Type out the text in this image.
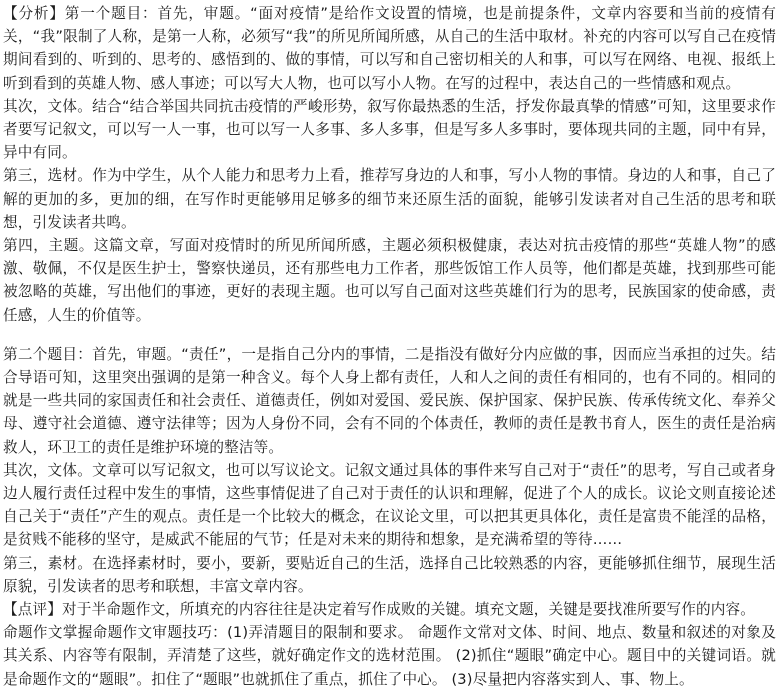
【分析】第一个题目：首先，审题。“面对疫情”是给作文设置的情境，也是前提条件，文章内容要和当前的疫情有关，“我”限制了人称，是第一人称，必须写“我”的所见所闻所感，从自己的生活中取材。补充的内容可以写自己在疫情期间看到的、听到的、思考的、感悟到的、做的事情，可以写和自己密切相关的人和事，可以写在网络、电视、报纸上听到看到的英雄人物、感人事迹；可以写大人物，也可以写小人物。在写的过程中，表达自己的一些情感和观点。

其次，文体。结合“结合举国共同抗击疫情的严峻形势，叙写你最热悉的生活，抒发你最真挚的情感”可知，这里要求作者要写记叙文，可以写一人一事，也可以写一人多事、多人多事，但是写多人多事时，要体现共同的主题，同中有异，异中有同。

第三，选材。作为中学生，从个人能力和思考力上看，推荐写身边的人和事，写小人物的事情。身边的人和事，自己了解的更加的多，更加的细，在写作时更能够用足够多的细节来还原生活的面貌，能够引发读者对自己生活的思考和联想，引发读者共鸣。

第四，主题。这篇文章，写面对疫情时的所见所闻所感，主题必须积极健康，表达对抗击疫情的那些“英雄人物”的感激、敬佩，不仅是医生护士，警察快递员，还有那些电力工作者，那些饭馆工作人员等，他们都是英雄，找到那些可能被忽略的英雄，写出他们的事迹，更好的表现主题。也可以写自己面对这些英雄们行为的思考，民族国家的使命感，责任感，人生的价值等。

第二个题目：首先，审题。“责任”，一是指自己分内的事情，二是指没有做好分内应做的事，因而应当承担的过失。结合导语可知，这里突出强调的是第一种含义。每个人身上都有责任，人和人之间的责任有相同的，也有不同的。相同的就是一些共同的家国责任和社会责任、道德责任，例如对爱国、爱民族、保护国家、保护民族、传承传统文化、奉养父母、遵守社会道德、遵守法律等；因为人身份不同，会有不同的个体责任，教师的责任是教书育人，医生的责任是治病救人，环卫工的责任是维护环境的整洁等。

其次，文体。文章可以写记叙文，也可以写议论文。记叙文通过具体的事件来写自己对于“责任”的思考，写自己或者身边人履行责任过程中发生的事情，这些事情促进了自己对于责任的认识和理解，促进了个人的成长。议论文则直接论述自己关于“责任”产生的观点。责任是一个比较大的概念，在议论文里，可以把其更具体化，责任是富贵不能淫的品格，是贫贱不能移的坚守，是威武不能屈的气节；任是对未来的期待和想象，是充满希望的等待……

第三，素材。在选择素材时，要小，要新，要贴近自己的生活，选择自己比较熟悉的内容，更能够抓住细节，展现生活原貌，引发读者的思考和联想，丰富文章内容。

【点评】对于半命题作文，所填充的内容往往是决定着写作成败的关键。填充文题，关键是要找准所要写作的内容。

命题作文掌握命题作文审题技巧：(1)弄清题目的限制和要求。 命题作文常对文体、时间、地点、数量和叙述的对象及其关系、内容等有限制，弄清楚了这些，就好确定作文的选材范围。 (2)抓住“题眼”确定中心。题目中的关键词语。就是命题作文的“题眼”。扣住了“题眼”也就抓住了重点，抓住了中心。 (3)尽量把内容落实到人、事、物上。
